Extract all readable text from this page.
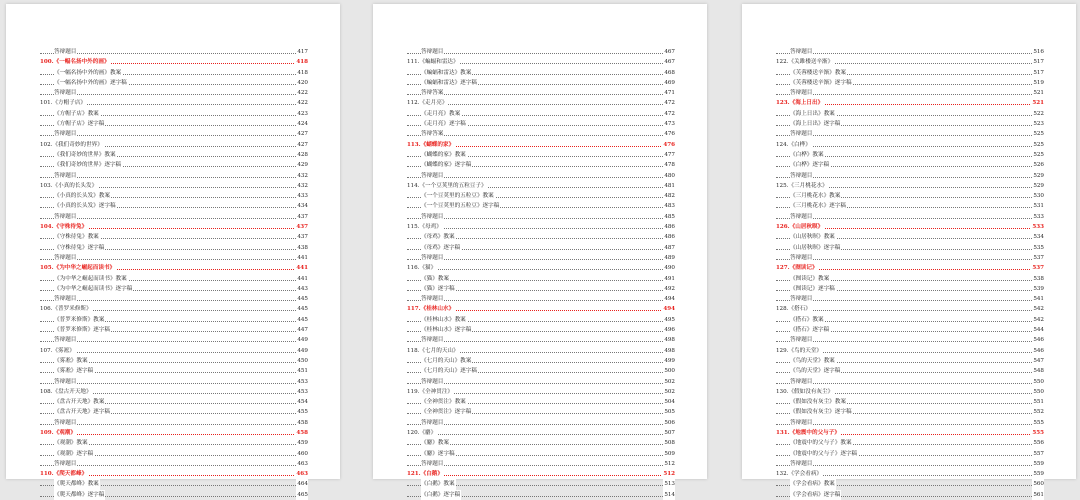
答辩题目	417
100.《一幅名扬中外的画》	418
《一幅名扬中外的画》教案	418
《一幅名扬中外的画》逐字稿	420
答辩题目	422
101.《方帽子店》	422
《方帽子店》教案	423
《方帽子店》逐字稿	424
答辩题目	427
102.《我们奇妙的世界》	427
《我们奇妙的世界》教案	428
《我们奇妙的世界》逐字稿	429
答辩题目	432
103.《小真的长头发》	432
《小真的长头发》教案	433
《小真的长头发》逐字稿	434
答辩题目	437
104.《守株待兔》	437
《守株待兔》教案	437
《守株待兔》逐字稿	438
答辩题目	441
105.《为中华之崛起而读书》	441
《为中华之崛起而读书》教案	441
《为中华之崛起而读书》逐字稿	443
答辩题目	445
106.《普罗米修斯》	445
《普罗米修斯》教案	445
《普罗米修斯》逐字稿	447
答辩题目	449
107.《雾凇》	449
《雾凇》教案	450
《雾凇》逐字稿	451
答辩题目	453
108.《盘古开天地》	453
《盘古开天地》教案	454
《盘古开天地》逐字稿	455
答辩题目	458
109.《观潮》	458
《观潮》教案	459
《观潮》逐字稿	460
答辩题目	463
110.《爬天都峰》	463
《爬天都峰》教案	464
《爬天都峰》逐字稿	465
答辩题目	467
111.《蝙蝠和雷达》	467
《蝙蝠和雷达》教案	468
《蝙蝠和雷达》逐字稿	469
答辩答案	471
112.《走月亮》	472
《走月亮》教案	472
《走月亮》逐字稿	473
答辩答案	476
113.《蝴蝶的家》	476
《蝴蝶的家》教案	477
《蝴蝶的家》逐字稿	478
答辩题目	480
114.《一个豆荚里的五粒豆子》	481
《一个豆荚里的五粒豆》教案	482
《一个豆荚里的五粒豆》逐字稿	483
答辩题目	485
115.《母鸡》	486
《母鸡》教案	486
《母鸡》逐字稿	487
答辩题目	489
116.《猫》	490
《猫》教案	491
《猫》逐字稿	492
答辩题目	494
117.《桂林山水》	494
《桂林山水》教案	495
《桂林山水》逐字稿	496
答辩题目	498
118.《七月的天山》	498
《七月的天山》教案	499
《七月的天山》逐字稿	500
答辩题目	502
119.《全神贯注》	502
《全神贯注》教案	504
《全神贯注》逐字稿	505
答辩题目	506
120.《麝》	507
《麝》教案	508
《麝》逐字稿	509
答辩题目	512
121.《白鹅》	512
《白鹅》教案	513
《白鹅》逐字稿	514
答辩题目	516
122.《关雎楼送辛渐》	517
《芙蓉楼送辛渐》教案	517
《芙蓉楼送辛渐》逐字稿	519
答辩题目	521
123.《海上日出》	521
《海上日出》教案	522
《海上日出》逐字稿	523
答辩题目	525
124.《白桦》	525
《白桦》教案	525
《白桦》逐字稿	526
答辩题目	529
125.《三月桃花水》	529
《三月桃花水》教案	530
《三月桃花水》逐字稿	531
答辩题目	533
126.《山居秋暝》	533
《山居秋暝》教案	534
《山居秋暝》逐字稿	535
答辩题目	537
127.《囫读记》	537
《囫读记》教案	538
《囫读记》逐字稿	539
答辩题目	541
128.《搭石》	542
《搭石》教案	542
《搭石》逐字稿	544
答辩题目	546
129.《鸟的天堂》	546
《鸟的天堂》教案	547
《鸟的天堂》逐字稿	548
答辩题目	550
130.《假如没有灰尘》	550
《假如没有灰尘》教案	551
《假如没有灰尘》逐字稿	552
答辩题目	555
131.《地震中的父与子》	555
《地震中的父与子》教案	556
《地震中的父与子》逐字稿	557
答辩题目	559
132.《学会看病》	559
《学会看病》教案	560
《学会看病》逐字稿	561
